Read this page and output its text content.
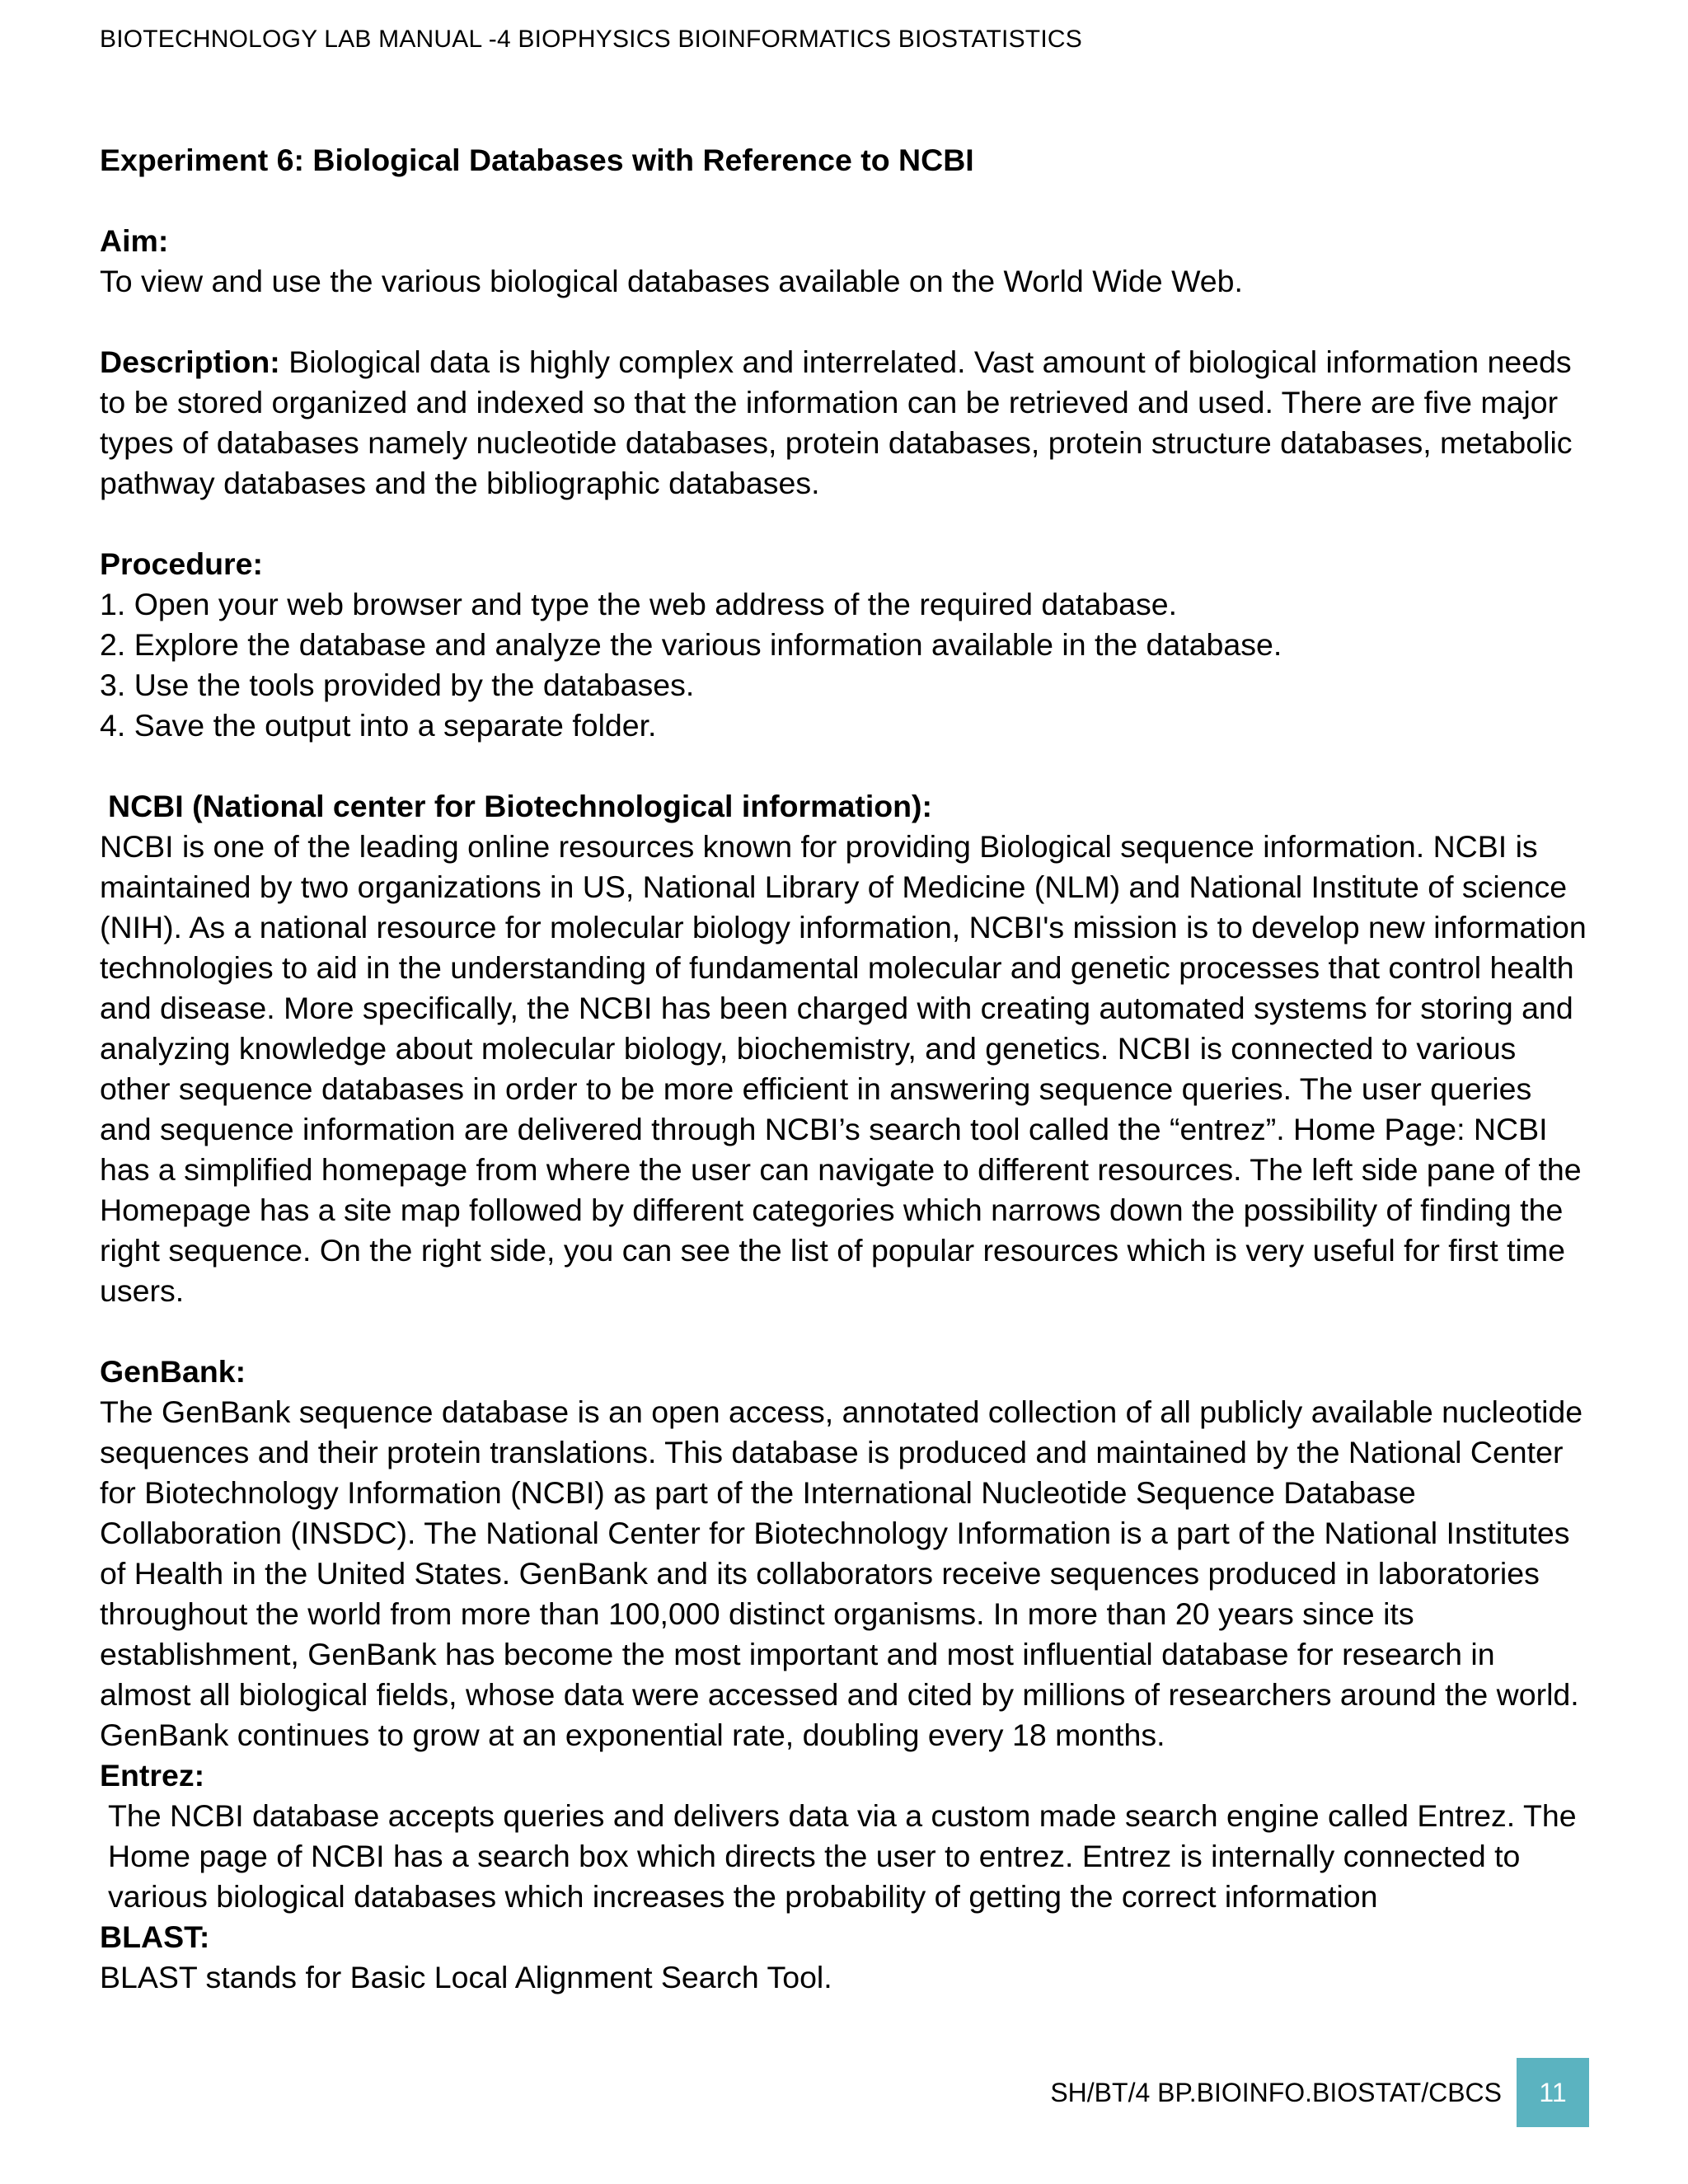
BIOTECHNOLOGY LAB MANUAL -4 BIOPHYSICS BIOINFORMATICS BIOSTATISTICS

Experiment 6: Biological Databases with Reference to NCBI

Aim:

To view and use the various biological databases available on the World Wide Web.

Description: Biological data is highly complex and interrelated. Vast amount of biological information needs to be stored organized and indexed so that the information can be retrieved and used. There are five major types of databases namely nucleotide databases, protein databases, protein structure databases, metabolic pathway databases and the bibliographic databases.

Procedure:

1. Open your web browser and type the web address of the required database.
2. Explore the database and analyze the various information available in the database.
3. Use the tools provided by the databases.
4. Save the output into a separate folder.

NCBI (National center for Biotechnological information):

NCBI is one of the leading online resources known for providing Biological sequence information. NCBI is maintained by two organizations in US, National Library of Medicine (NLM) and National Institute of science (NIH). As a national resource for molecular biology information, NCBI's mission is to develop new information technologies to aid in the understanding of fundamental molecular and genetic processes that control health and disease. More specifically, the NCBI has been charged with creating automated systems for storing and analyzing knowledge about molecular biology, biochemistry, and genetics. NCBI is connected to various other sequence databases in order to be more efficient in answering sequence queries. The user queries and sequence information are delivered through NCBI’s search tool called the “entrez”. Home Page: NCBI has a simplified homepage from where the user can navigate to different resources. The left side pane of the Homepage has a site map followed by different categories which narrows down the possibility of finding the right sequence. On the right side, you can see the list of popular resources which is very useful for first time users.

GenBank:

The GenBank sequence database is an open access, annotated collection of all publicly available nucleotide sequences and their protein translations. This database is produced and maintained by the National Center for Biotechnology Information (NCBI) as part of the International Nucleotide Sequence Database Collaboration (INSDC). The National Center for Biotechnology Information is a part of the National Institutes of Health in the United States. GenBank and its collaborators receive sequences produced in laboratories throughout the world from more than 100,000 distinct organisms. In more than 20 years since its establishment, GenBank has become the most important and most influential database for research in almost all biological fields, whose data were accessed and cited by millions of researchers around the world. GenBank continues to grow at an exponential rate, doubling every 18 months.

Entrez:

The NCBI database accepts queries and delivers data via a custom made search engine called Entrez. The Home page of NCBI has a search box which directs the user to entrez. Entrez is internally connected to various biological databases which increases the probability of getting the correct information

BLAST:

BLAST stands for Basic Local Alignment Search Tool.

SH/BT/4 BP.BIOINFO.BIOSTAT/CBCS	11
